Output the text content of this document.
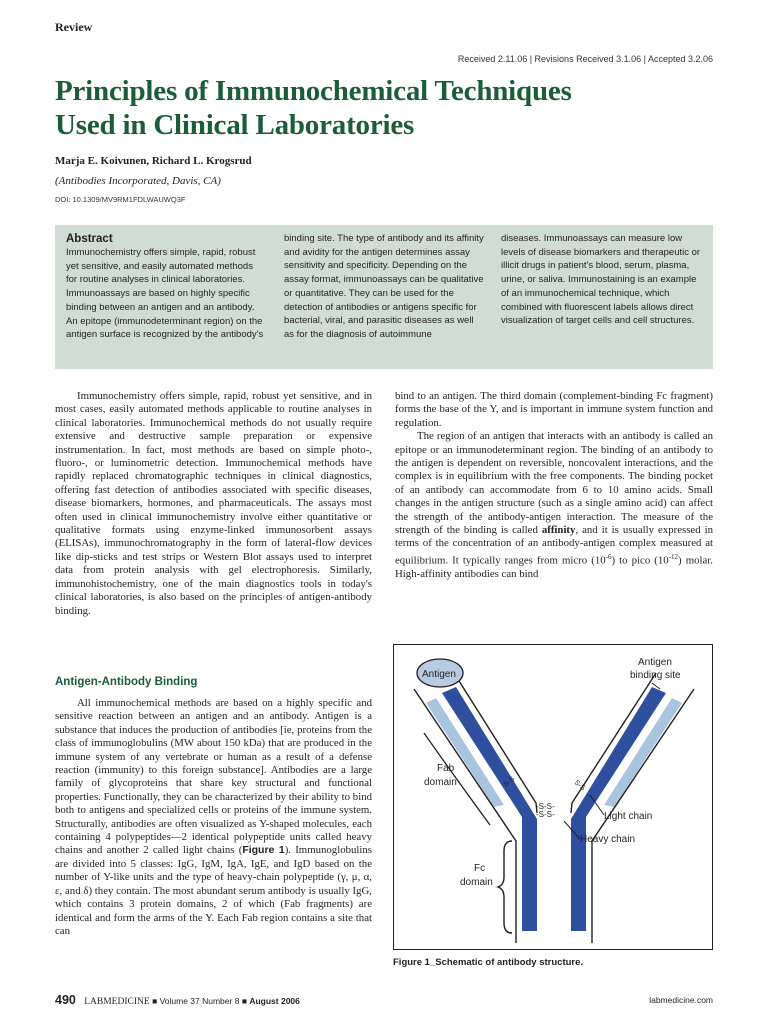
Review
Received 2.11.06 | Revisions Received 3.1.06 | Accepted 3.2.06
Principles of Immunochemical Techniques
Used in Clinical Laboratories
Marja E. Koivunen, Richard L. Krogsrud
(Antibodies Incorporated, Davis, CA)
DOI: 10.1309/MV9RM1FDLWAUWQ3F
Abstract
Immunochemistry offers simple, rapid, robust yet sensitive, and easily automated methods for routine analyses in clinical laboratories. Immunoassays are based on highly specific binding between an antigen and an antibody. An epitope (immunodeterminant region) on the antigen surface is recognized by the antibody's
binding site. The type of antibody and its affinity and avidity for the antigen determines assay sensitivity and specificity. Depending on the assay format, immunoassays can be qualitative or quantitative. They can be used for the detection of antibodies or antigens specific for bacterial, viral, and parasitic diseases as well as for the diagnosis of autoimmune
diseases. Immunoassays can measure low levels of disease biomarkers and therapeutic or illicit drugs in patient's blood, serum, plasma, urine, or saliva. Immunostaining is an example of an immunochemical technique, which combined with fluorescent labels allows direct visualization of target cells and cell structures.

Immunochemistry offers simple, rapid, robust yet sensitive, and in most cases, easily automated methods applicable to routine analyses in clinical laboratories. Immunochemical methods do not usually require extensive and destructive sample preparation or expensive instrumentation. In fact, most methods are based on simple photo-, fluoro-, or luminometric detection. Immunochemical methods have rapidly replaced chromatographic techniques in clinical diagnostics, offering fast detection of antibodies associated with specific diseases, disease biomarkers, hormones, and pharmaceuticals. The assays most often used in clinical immunochemistry involve either quantitative or qualitative formats using enzyme-linked immunosorbent assays (ELISAs), immunochromatography in the form of lateral-flow devices like dip-sticks and test strips or Western Blot assays used to interpret data from protein analysis with gel electrophoresis. Similarly, immunohistochemistry, one of the main diagnostics tools in today's clinical laboratories, is also based on the principles of antigen-antibody binding.

Antigen-Antibody Binding

All immunochemical methods are based on a highly specific and sensitive reaction between an antigen and an antibody. Antigen is a substance that induces the production of antibodies [ie, proteins from the class of immunoglobulins (MW about 150 kDa) that are produced in the immune system of any vertebrate or human as a result of a defense reaction (immunity) to this foreign substance]. Antibodies are a large family of glycoproteins that share key structural and functional properties. Functionally, they can be characterized by their ability to bind both to antigens and specialized cells or proteins of the immune system. Structurally, antibodies are often visualized as Y-shaped molecules, each containing 4 polypeptides—2 identical polypeptide units called heavy chains and another 2 called light chains (Figure 1). Immunoglobulins are divided into 5 classes: IgG, IgM, IgA, IgE, and IgD based on the number of Y-like units and the type of heavy-chain polypeptide (γ, μ, α, ε, and δ) they contain. The most abundant serum antibody is usually IgG, which contains 3 protein domains, 2 of which (Fab fragments) are identical and form the arms of the Y. Each Fab region contains a site that can

bind to an antigen. The third domain (complement-binding Fc fragment) forms the base of the Y, and is important in immune system function and regulation.

The region of an antigen that interacts with an antibody is called an epitope or an immunodeterminant region. The binding of an antibody to the antigen is dependent on reversible, noncovalent interactions, and the complex is in equilibrium with the free components. The binding pocket of an antibody can accommodate from 6 to 10 amino acids. Small changes in the antigen structure (such as a single amino acid) can affect the strength of the antibody-antigen interaction. The measure of the strength of the binding is called affinity, and it is usually expressed in terms of the concentration of an antibody-antigen complex measured at equilibrium. It typically ranges from micro $(10^{-6})$ to pico $(10^{-12})$ molar. High-affinity antibodies can bind

Antigen
Antigen
binding site
Fab
domain	S-S	S-S
-S-S-
-S-S-	Light chain
Heavy chain
Fc
domain
Figure 1_Schematic of antibody structure.
490 LABMEDICINE ■ Volume 37 Number 8 ■ August 2006	labmedicine.com
